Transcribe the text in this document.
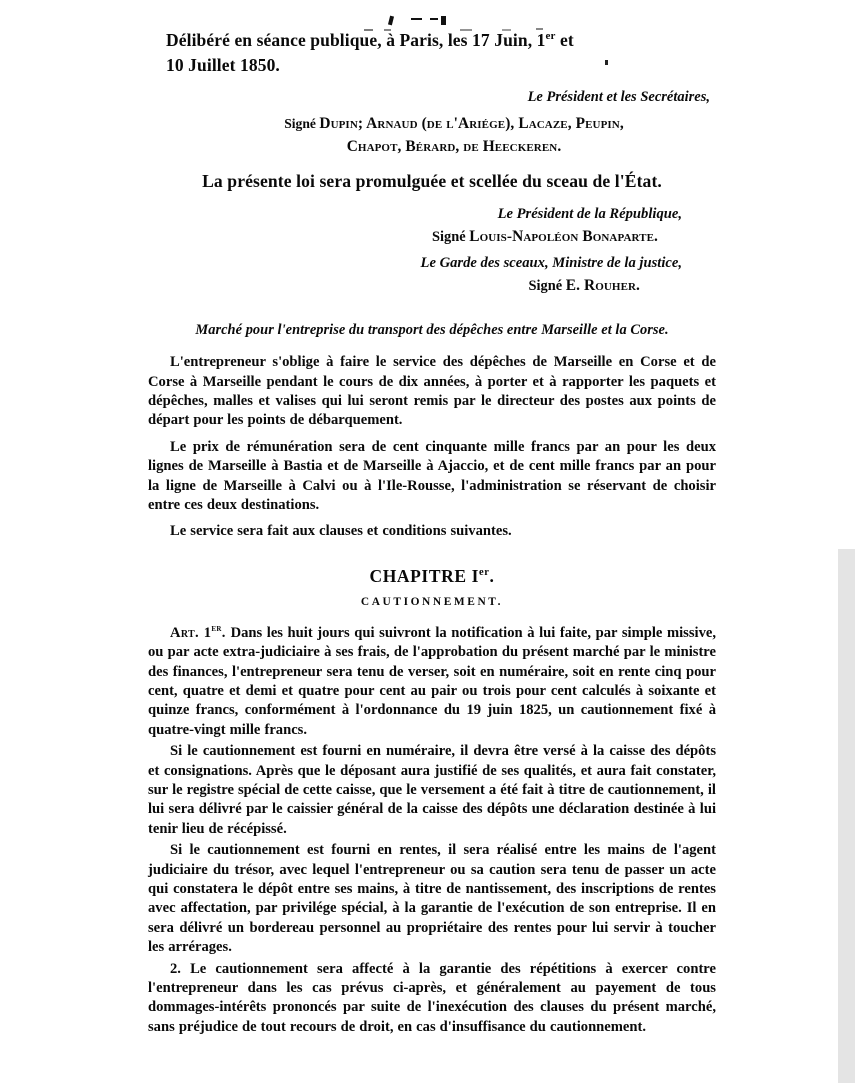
Délibéré en séance publique, à Paris, les 17 Juin, 1er et
10 Juillet 1850.
Le Président et les Secrétaires,
Signé Dupin; Arnaud (de l'Ariége), Lacaze, Peupin,
Chapot, Bérard, de Heeckeren.
La présente loi sera promulguée et scellée du sceau de l'État.
Le Président de la République,
Signé Louis-Napoléon Bonaparte.
Le Garde des sceaux, Ministre de la justice,
Signé E. Rouher.
Marché pour l'entreprise du transport des dépêches entre Marseille et la Corse.

L'entrepreneur s'oblige à faire le service des dépêches de Marseille en Corse et de Corse à Marseille pendant le cours de dix années, à porter et à rapporter les paquets et dépêches, malles et valises qui lui seront remis par le directeur des postes aux points de départ pour les points de débarquement.

Le prix de rémunération sera de cent cinquante mille francs par an pour les deux lignes de Marseille à Bastia et de Marseille à Ajaccio, et de cent mille francs par an pour la ligne de Marseille à Calvi ou à l'Ile-Rousse, l'administration se réservant de choisir entre ces deux destinations.

Le service sera fait aux clauses et conditions suivantes.

CHAPITRE Ier.
CAUTIONNEMENT.

Art. 1er. Dans les huit jours qui suivront la notification à lui faite, par simple missive, ou par acte extra-judiciaire à ses frais, de l'approbation du présent marché par le ministre des finances, l'entrepreneur sera tenu de verser, soit en numéraire, soit en rente cinq pour cent, quatre et demi et quatre pour cent au pair ou trois pour cent calculés à soixante et quinze francs, conformément à l'ordonnance du 19 juin 1825, un cautionnement fixé à quatre-vingt mille francs.

Si le cautionnement est fourni en numéraire, il devra être versé à la caisse des dépôts et consignations. Après que le déposant aura justifié de ses qualités, et aura fait constater, sur le registre spécial de cette caisse, que le versement a été fait à titre de cautionnement, il lui sera délivré par le caissier général de la caisse des dépôts une déclaration destinée à lui tenir lieu de récépissé.

Si le cautionnement est fourni en rentes, il sera réalisé entre les mains de l'agent judiciaire du trésor, avec lequel l'entrepreneur ou sa caution sera tenu de passer un acte qui constatera le dépôt entre ses mains, à titre de nantissement, des inscriptions de rentes avec affectation, par privilége spécial, à la garantie de l'exécution de son entreprise. Il en sera délivré un bordereau personnel au propriétaire des rentes pour lui servir à toucher les arrérages.

2. Le cautionnement sera affecté à la garantie des répétitions à exercer contre l'entrepreneur dans les cas prévus ci-après, et généralement au payement de tous dommages-intérêts prononcés par suite de l'inexécution des clauses du présent marché, sans préjudice de tout recours de droit, en cas d'insuffisance du cautionnement.
